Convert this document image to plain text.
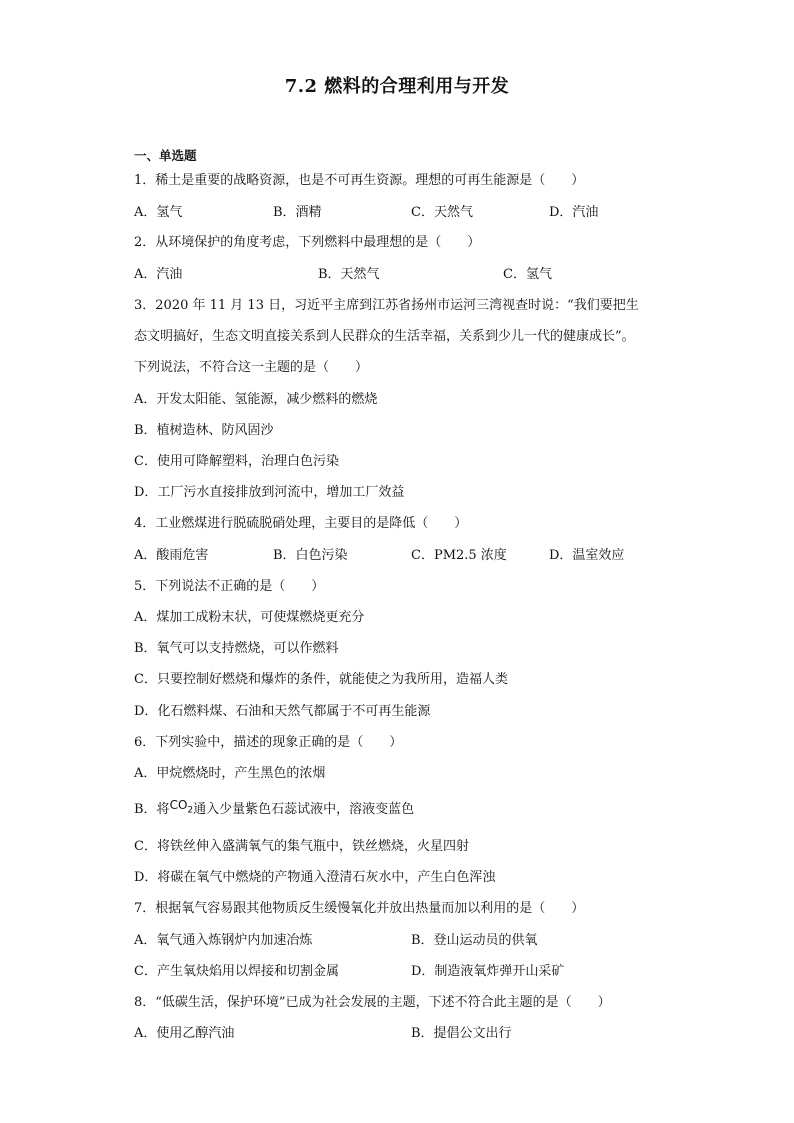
7.2 燃料的合理利用与开发
一、单选题
1．稀土是重要的战略资源，也是不可再生资源。理想的可再生能源是（　　）
A．氢气	B．酒精	C．天然气	D．汽油
2．从环境保护的角度考虑，下列燃料中最理想的是（　　）
A．汽油	B．天然气	C．氢气
3．2020 年 11 月 13 日，习近平主席到江苏省扬州市运河三湾视查时说：“我们要把生
态文明搞好，生态文明直接关系到人民群众的生活幸福，关系到少儿一代的健康成长”。
下列说法，不符合这一主题的是（　　）
A．开发太阳能、氢能源，减少燃料的燃烧
B．植树造林、防风固沙
C．使用可降解塑料，治理白色污染
D．工厂污水直接排放到河流中，增加工厂效益
4．工业燃煤进行脱硫脱硝处理，主要目的是降低（　　）
A．酸雨危害	B．白色污染	C．PM2.5 浓度	D．温室效应
5．下列说法不正确的是（　　）
A．煤加工成粉末状，可使煤燃烧更充分
B．氧气可以支持燃烧，可以作燃料
C．只要控制好燃烧和爆炸的条件，就能使之为我所用，造福人类
D．化石燃料煤、石油和天然气都属于不可再生能源
6．下列实验中，描述的现象正确的是（　　）
A．甲烷燃烧时，产生黑色的浓烟
B．将$CO_2$通入少量紫色石蕊试液中，溶液变蓝色
C．将铁丝伸入盛满氧气的集气瓶中，铁丝燃烧，火星四射
D．将碳在氧气中燃烧的产物通入澄清石灰水中，产生白色浑浊
7．根据氧气容易跟其他物质反生缓慢氧化并放出热量而加以利用的是（　　）
A．氧气通入炼钢炉内加速冶炼	B．登山运动员的供氧
C．产生氧炔焰用以焊接和切割金属	D．制造液氧炸弹开山采矿
8．“低碳生活，保护环境”已成为社会发展的主题，下述不符合此主题的是（　　）
A．使用乙醇汽油	B．提倡公文出行
